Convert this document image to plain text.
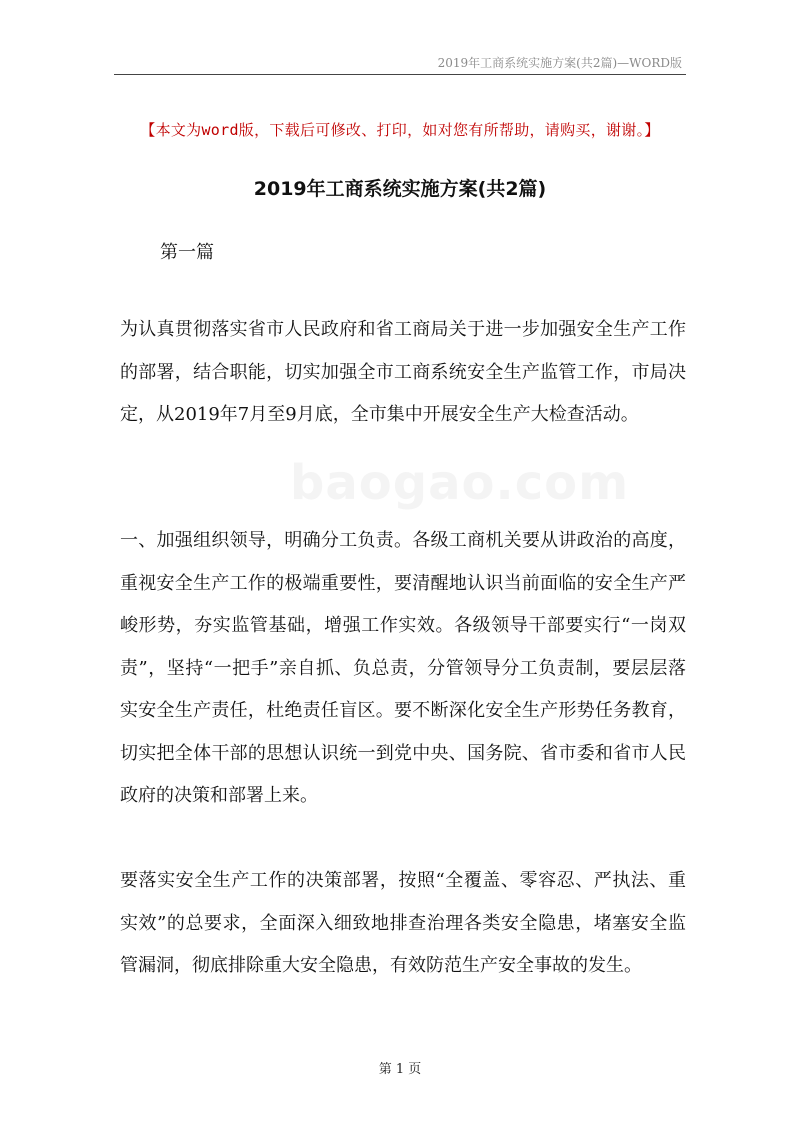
2019年工商系统实施方案(共2篇)—WORD版
【本文为word版，下载后可修改、打印，如对您有所帮助，请购买，谢谢。】
2019年工商系统实施方案(共2篇)
第一篇

为认真贯彻落实省市人民政府和省工商局关于进一步加强安全生产工作的部署，结合职能，切实加强全市工商系统安全生产监管工作，市局决定，从2019年7月至9月底，全市集中开展安全生产大检查活动。

一、加强组织领导，明确分工负责。各级工商机关要从讲政治的高度，重视安全生产工作的极端重要性，要清醒地认识当前面临的安全生产严峻形势，夯实监管基础，增强工作实效。各级领导干部要实行“一岗双责”，坚持“一把手”亲自抓、负总责，分管领导分工负责制，要层层落实安全生产责任，杜绝责任盲区。要不断深化安全生产形势任务教育，切实把全体干部的思想认识统一到党中央、国务院、省市委和省市人民政府的决策和部署上来。

要落实安全生产工作的决策部署，按照“全覆盖、零容忍、严执法、重实效”的总要求，全面深入细致地排查治理各类安全隐患，堵塞安全监管漏洞，彻底排除重大安全隐患，有效防范生产安全事故的发生。

baogao.com
第 1 页
